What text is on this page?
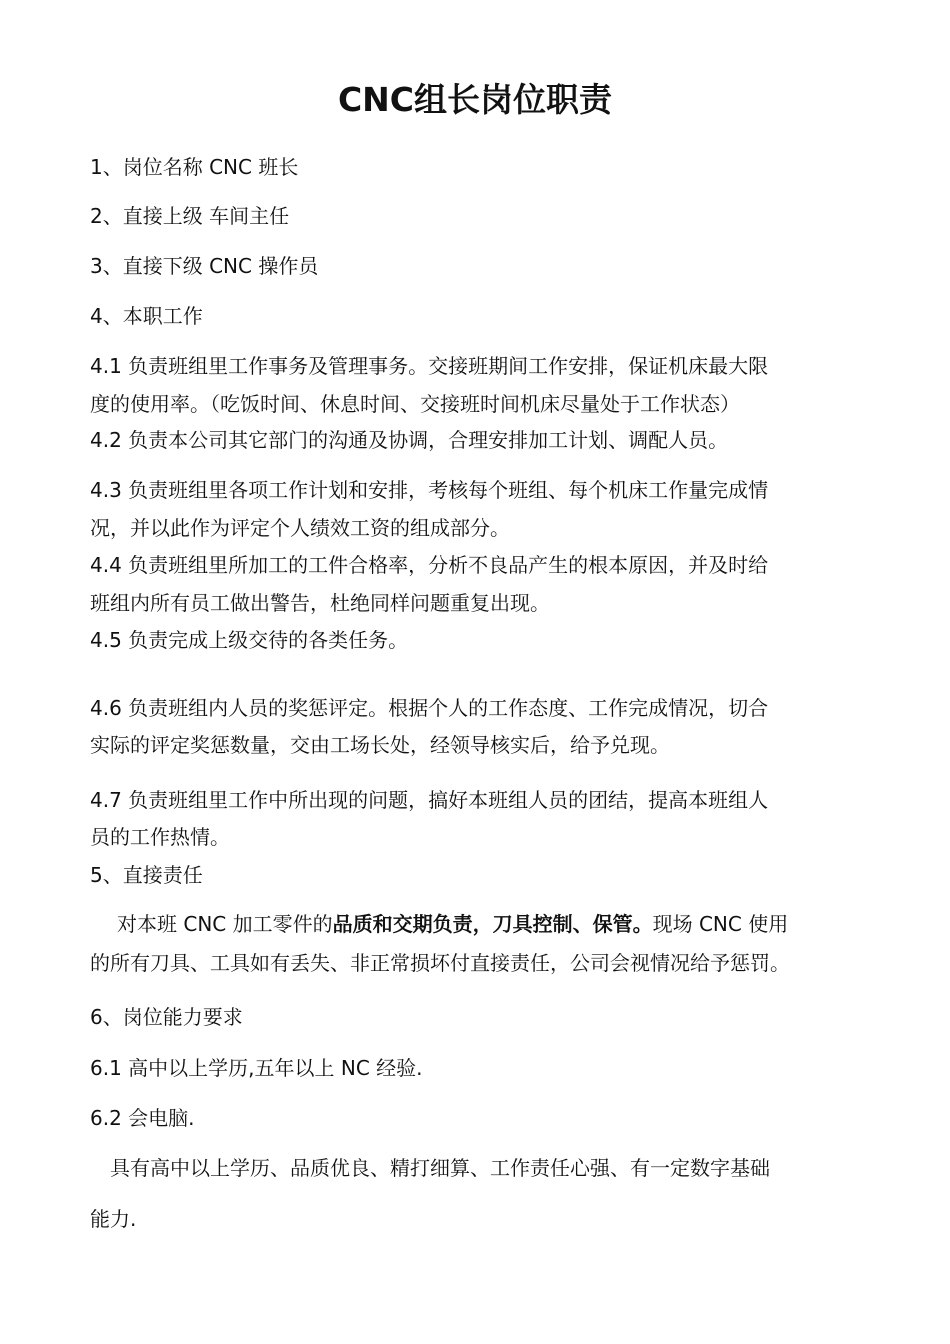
CNC组长岗位职责
1、岗位名称 CNC 班长
2、直接上级 车间主任
3、直接下级 CNC 操作员
4、本职工作
4.1 负责班组里工作事务及管理事务。交接班期间工作安排，保证机床最大限
度的使用率。（吃饭时间、休息时间、交接班时间机床尽量处于工作状态）
4.2 负责本公司其它部门的沟通及协调，合理安排加工计划、调配人员。
4.3 负责班组里各项工作计划和安排，考核每个班组、每个机床工作量完成情
况，并以此作为评定个人绩效工资的组成部分。
4.4 负责班组里所加工的工件合格率，分析不良品产生的根本原因，并及时给
班组内所有员工做出警告，杜绝同样问题重复出现。
4.5 负责完成上级交待的各类任务。
4.6 负责班组内人员的奖惩评定。根据个人的工作态度、工作完成情况，切合
实际的评定奖惩数量，交由工场长处，经领导核实后，给予兑现。
4.7 负责班组里工作中所出现的问题，搞好本班组人员的团结，提高本班组人
员的工作热情。
5、直接责任
对本班 CNC 加工零件的品质和交期负责，刀具控制、保管。现场 CNC 使用
的所有刀具、工具如有丢失、非正常损坏付直接责任，公司会视情况给予惩罚。
6、岗位能力要求
6.1 高中以上学历,五年以上 NC 经验.
6.2 会电脑.
具有高中以上学历、品质优良、精打细算、工作责任心强、有一定数字基础
能力.
